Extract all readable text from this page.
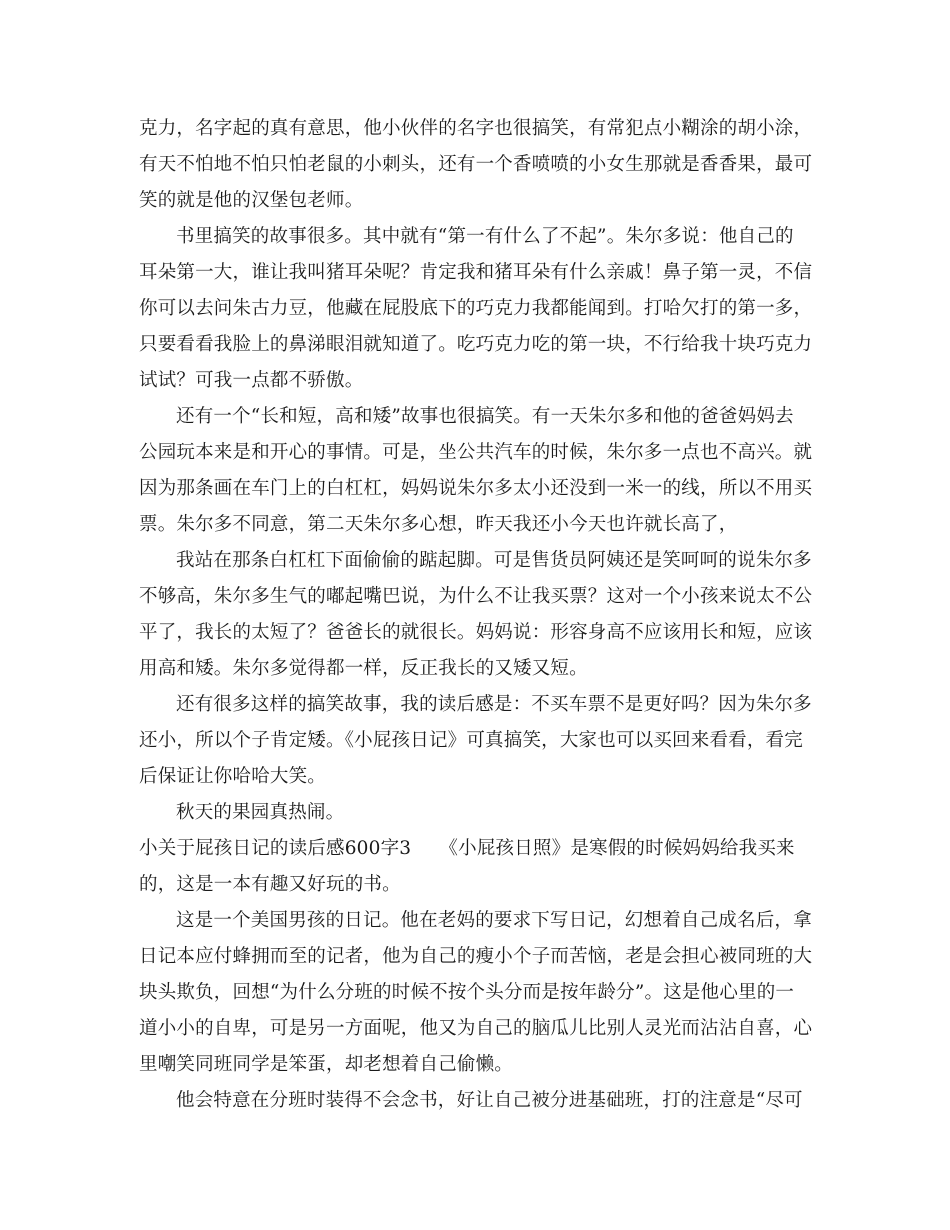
克力，名字起的真有意思，他小伙伴的名字也很搞笑，有常犯点小糊涂的胡小涂，
有天不怕地不怕只怕老鼠的小刺头，还有一个香喷喷的小女生那就是香香果，最可
笑的就是他的汉堡包老师。
书里搞笑的故事很多。其中就有“第一有什么了不起”。朱尔多说：他自己的
耳朵第一大，谁让我叫猪耳朵呢？肯定我和猪耳朵有什么亲戚！鼻子第一灵，不信
你可以去问朱古力豆，他藏在屁股底下的巧克力我都能闻到。打哈欠打的第一多，
只要看看我脸上的鼻涕眼泪就知道了。吃巧克力吃的第一块，不行给我十块巧克力
试试？可我一点都不骄傲。
还有一个“长和短，高和矮”故事也很搞笑。有一天朱尔多和他的爸爸妈妈去
公园玩本来是和开心的事情。可是，坐公共汽车的时候，朱尔多一点也不高兴。就
因为那条画在车门上的白杠杠，妈妈说朱尔多太小还没到一米一的线，所以不用买
票。朱尔多不同意，第二天朱尔多心想，昨天我还小今天也许就长高了，
我站在那条白杠杠下面偷偷的踮起脚。可是售货员阿姨还是笑呵呵的说朱尔多
不够高，朱尔多生气的嘟起嘴巴说，为什么不让我买票？这对一个小孩来说太不公
平了，我长的太短了？爸爸长的就很长。妈妈说：形容身高不应该用长和短，应该
用高和矮。朱尔多觉得都一样，反正我长的又矮又短。
还有很多这样的搞笑故事，我的读后感是：不买车票不是更好吗？因为朱尔多
还小，所以个子肯定矮。《小屁孩日记》可真搞笑，大家也可以买回来看看，看完
后保证让你哈哈大笑。
秋天的果园真热闹。
小关于屁孩日记的读后感600字3　　《小屁孩日照》是寒假的时候妈妈给我买来
的，这是一本有趣又好玩的书。
这是一个美国男孩的日记。他在老妈的要求下写日记，幻想着自己成名后，拿
日记本应付蜂拥而至的记者，他为自己的瘦小个子而苦恼，老是会担心被同班的大
块头欺负，回想“为什么分班的时候不按个头分而是按年龄分”。这是他心里的一
道小小的自卑，可是另一方面呢，他又为自己的脑瓜儿比别人灵光而沾沾自喜，心
里嘲笑同班同学是笨蛋，却老想着自己偷懒。
他会特意在分班时装得不会念书，好让自己被分进基础班，打的注意是“尽可
